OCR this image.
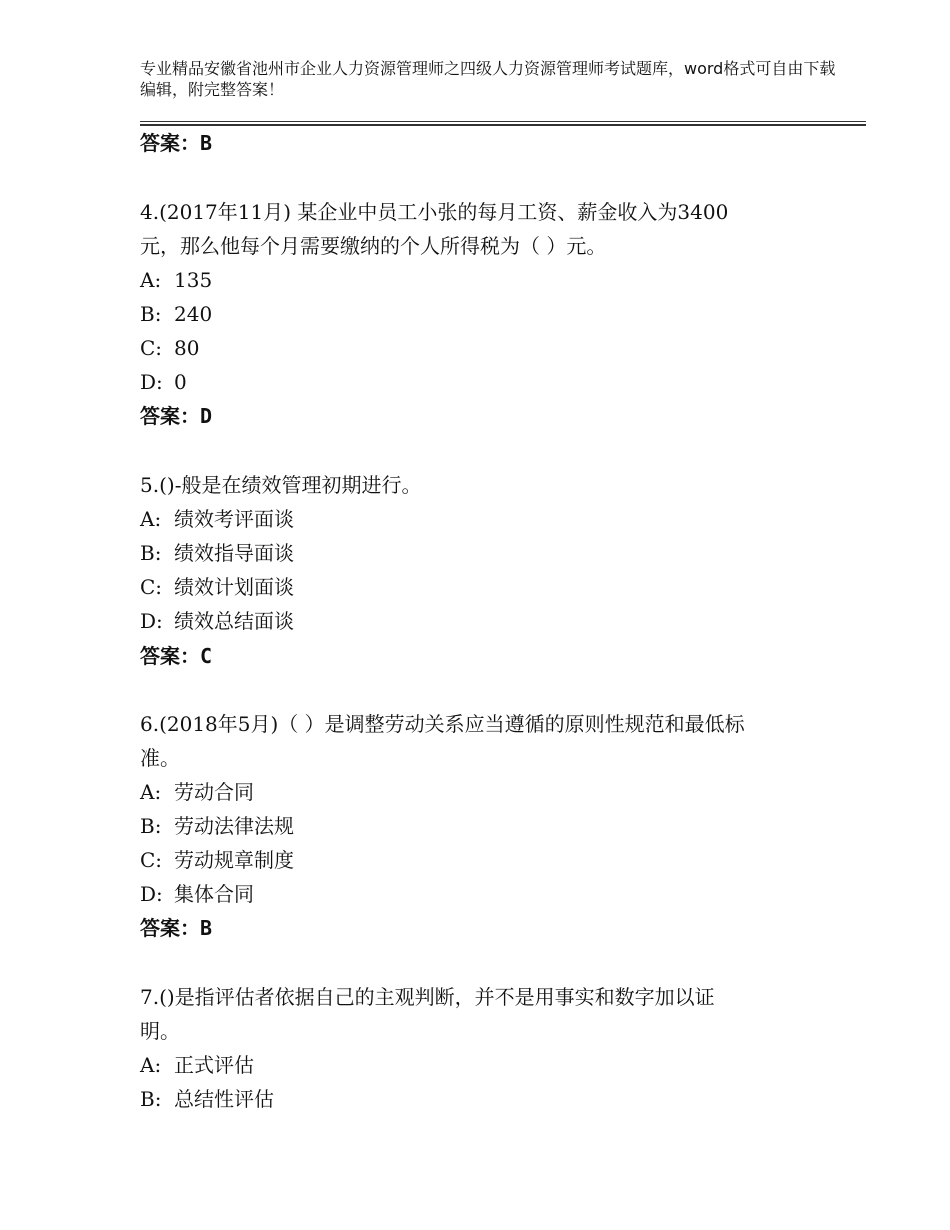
专业精品安徽省池州市企业人力资源管理师之四级人力资源管理师考试题库，word格式可自由下载编辑，附完整答案！
答案：B
4.(2017年11月) 某企业中员工小张的每月工资、薪金收入为3400
元，那么他每个月需要缴纳的个人所得税为（ ）元。
A: 135
B: 240
C: 80
D: 0
答案：D
5.()-般是在绩效管理初期进行。
A: 绩效考评面谈
B: 绩效指导面谈
C: 绩效计划面谈
D: 绩效总结面谈
答案：C
6.(2018年5月)（ ）是调整劳动关系应当遵循的原则性规范和最低标
准。
A: 劳动合同
B: 劳动法律法规
C: 劳动规章制度
D: 集体合同
答案：B
7.()是指评估者依据自己的主观判断，并不是用事实和数字加以证
明。
A: 正式评估
B: 总结性评估
